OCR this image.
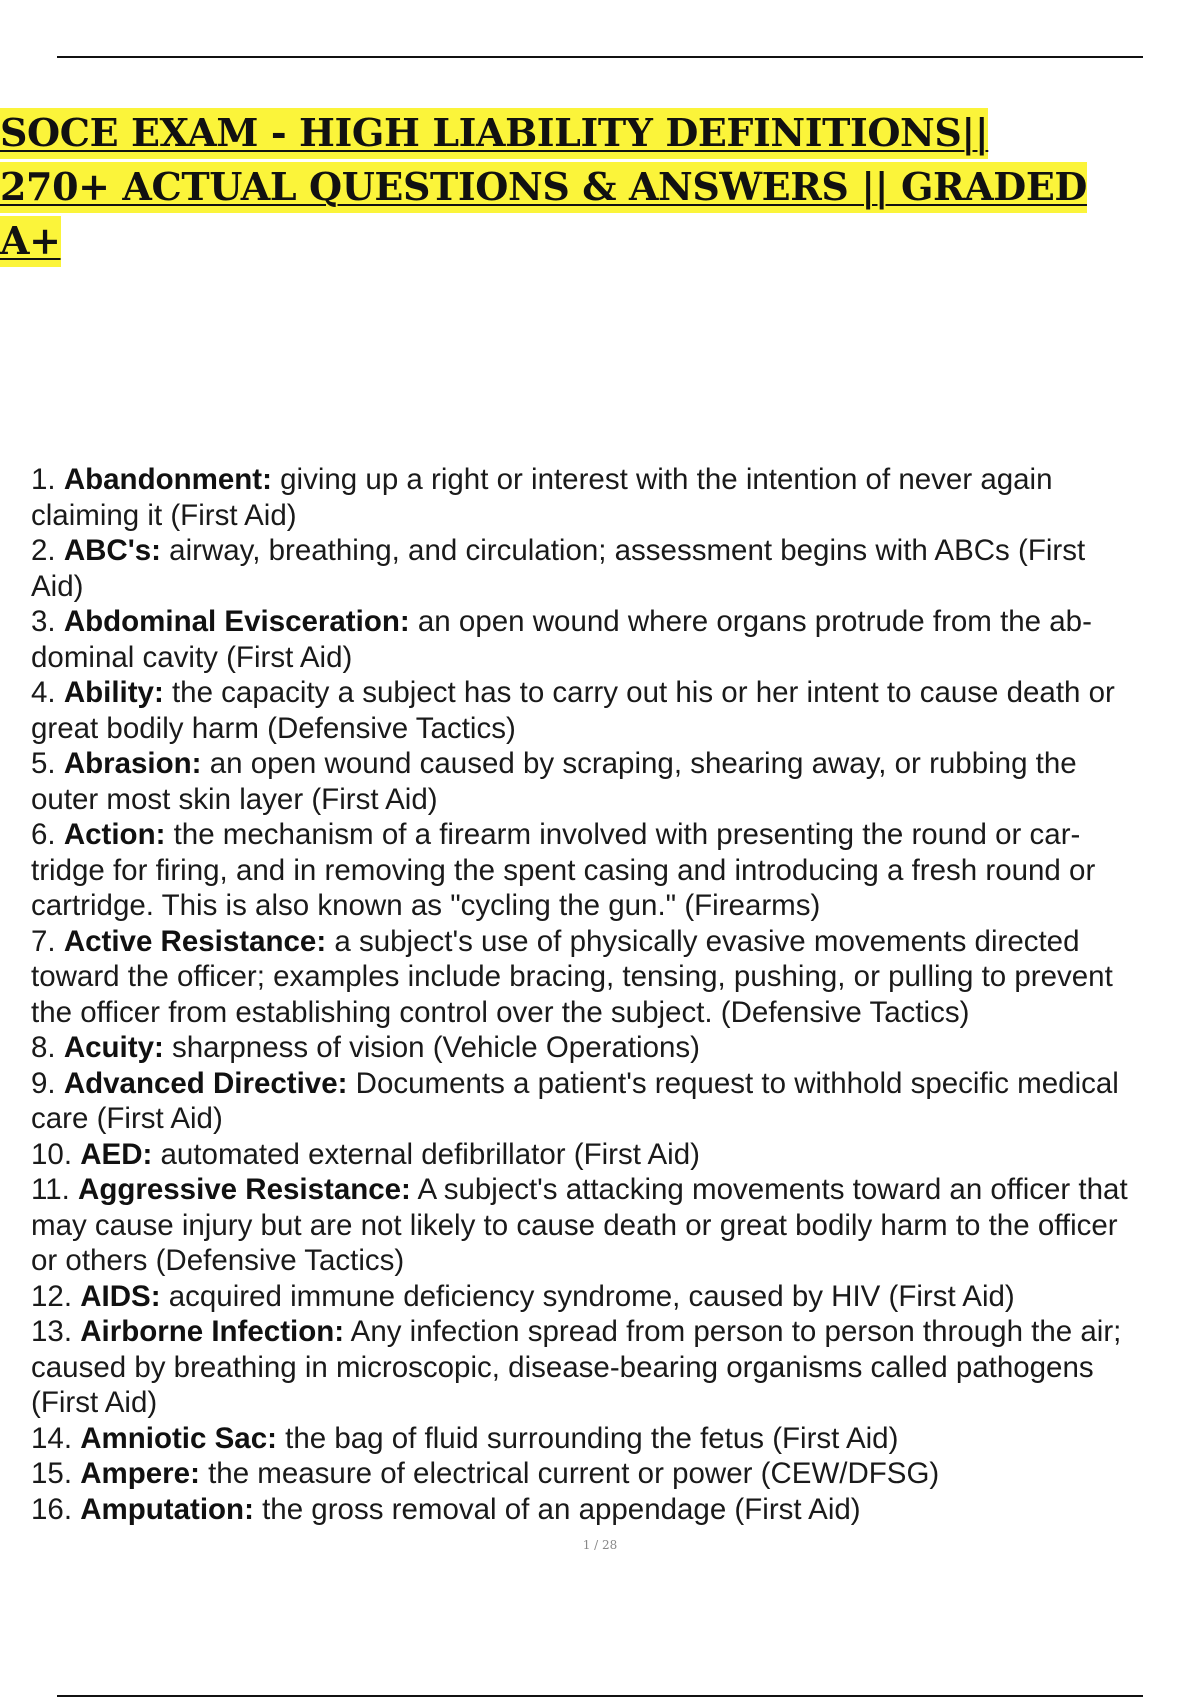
SOCE EXAM - HIGH LIABILITY DEFINITIONS||
270+ ACTUAL QUESTIONS & ANSWERS || GRADED
A+
1. Abandonment: giving up a right or interest with the intention of never again
claiming it (First Aid)
2. ABC's: airway, breathing, and circulation; assessment begins with ABCs (First
Aid)
3. Abdominal Evisceration: an open wound where organs protrude from the ab-
dominal cavity (First Aid)
4. Ability: the capacity a subject has to carry out his or her intent to cause death or
great bodily harm (Defensive Tactics)
5. Abrasion: an open wound caused by scraping, shearing away, or rubbing the
outer most skin layer (First Aid)
6. Action: the mechanism of a firearm involved with presenting the round or car-
tridge for firing, and in removing the spent casing and introducing a fresh round or
cartridge. This is also known as "cycling the gun." (Firearms)
7. Active Resistance: a subject's use of physically evasive movements directed
toward the officer; examples include bracing, tensing, pushing, or pulling to prevent
the officer from establishing control over the subject. (Defensive Tactics)
8. Acuity: sharpness of vision (Vehicle Operations)
9. Advanced Directive: Documents a patient's request to withhold specific medical
care (First Aid)
10. AED: automated external defibrillator (First Aid)
11. Aggressive Resistance: A subject's attacking movements toward an officer that
may cause injury but are not likely to cause death or great bodily harm to the officer
or others (Defensive Tactics)
12. AIDS: acquired immune deficiency syndrome, caused by HIV (First Aid)
13. Airborne Infection: Any infection spread from person to person through the air;
caused by breathing in microscopic, disease-bearing organisms called pathogens
(First Aid)
14. Amniotic Sac: the bag of fluid surrounding the fetus (First Aid)
15. Ampere: the measure of electrical current or power (CEW/DFSG)
16. Amputation: the gross removal of an appendage (First Aid)
1 / 28
